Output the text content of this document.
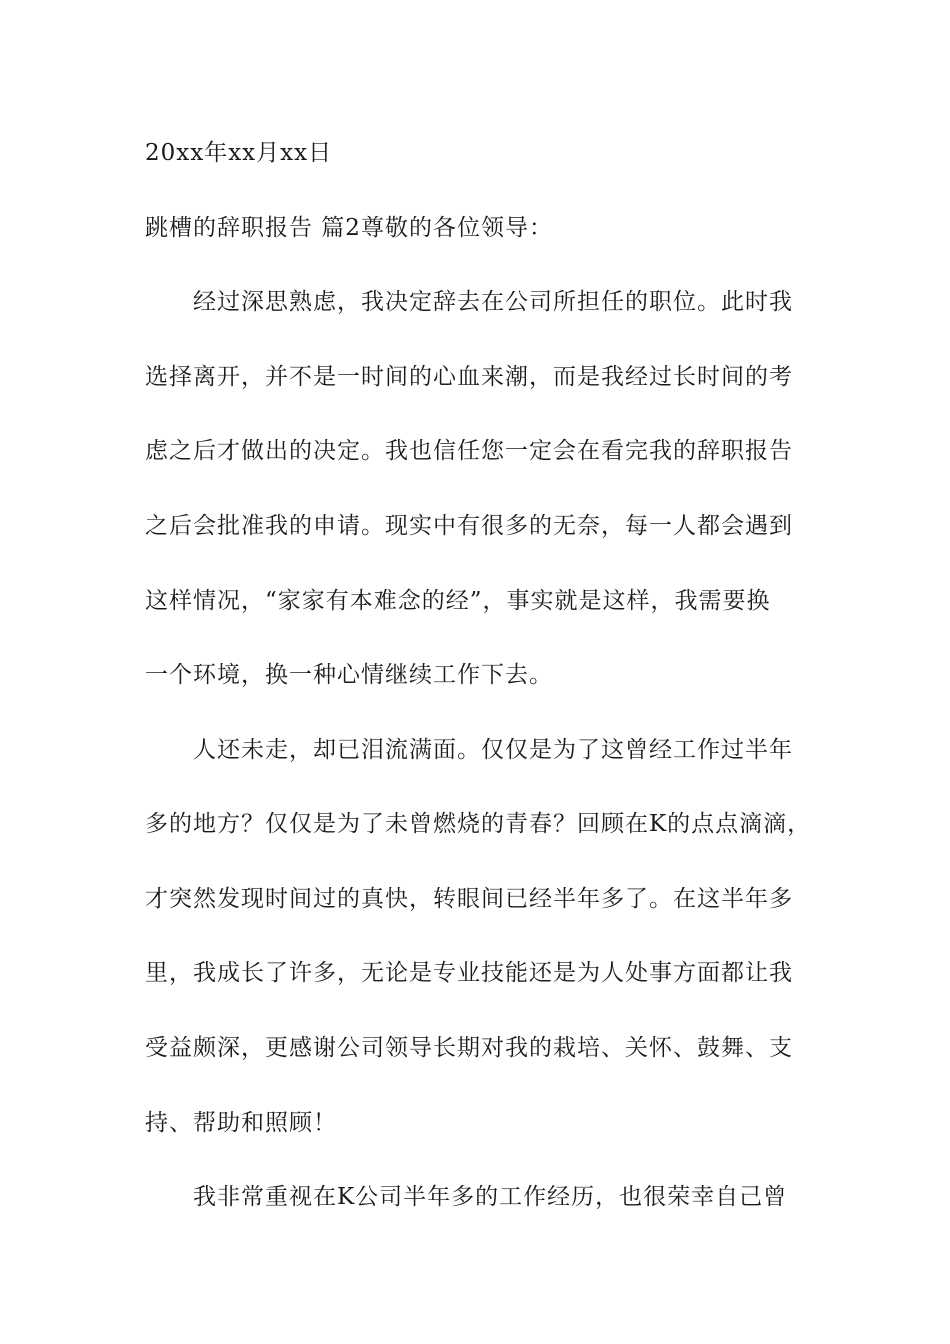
20xx年xx月xx日

跳槽的辞职报告 篇2尊敬的各位领导：

　　经过深思熟虑，我决定辞去在公司所担任的职位。此时我

选择离开，并不是一时间的心血来潮，而是我经过长时间的考

虑之后才做出的决定。我也信任您一定会在看完我的辞职报告

之后会批准我的申请。现实中有很多的无奈，每一人都会遇到

这样情况，“家家有本难念的经”，事实就是这样，我需要换

一个环境，换一种心情继续工作下去。

　　人还未走，却已泪流满面。仅仅是为了这曾经工作过半年

多的地方？仅仅是为了未曾燃烧的青春？回顾在K的点点滴滴，

才突然发现时间过的真快，转眼间已经半年多了。在这半年多

里，我成长了许多，无论是专业技能还是为人处事方面都让我

受益颇深，更感谢公司领导长期对我的栽培、关怀、鼓舞、支

持、帮助和照顾！

　　我非常重视在K公司半年多的工作经历，也很荣幸自己曾
